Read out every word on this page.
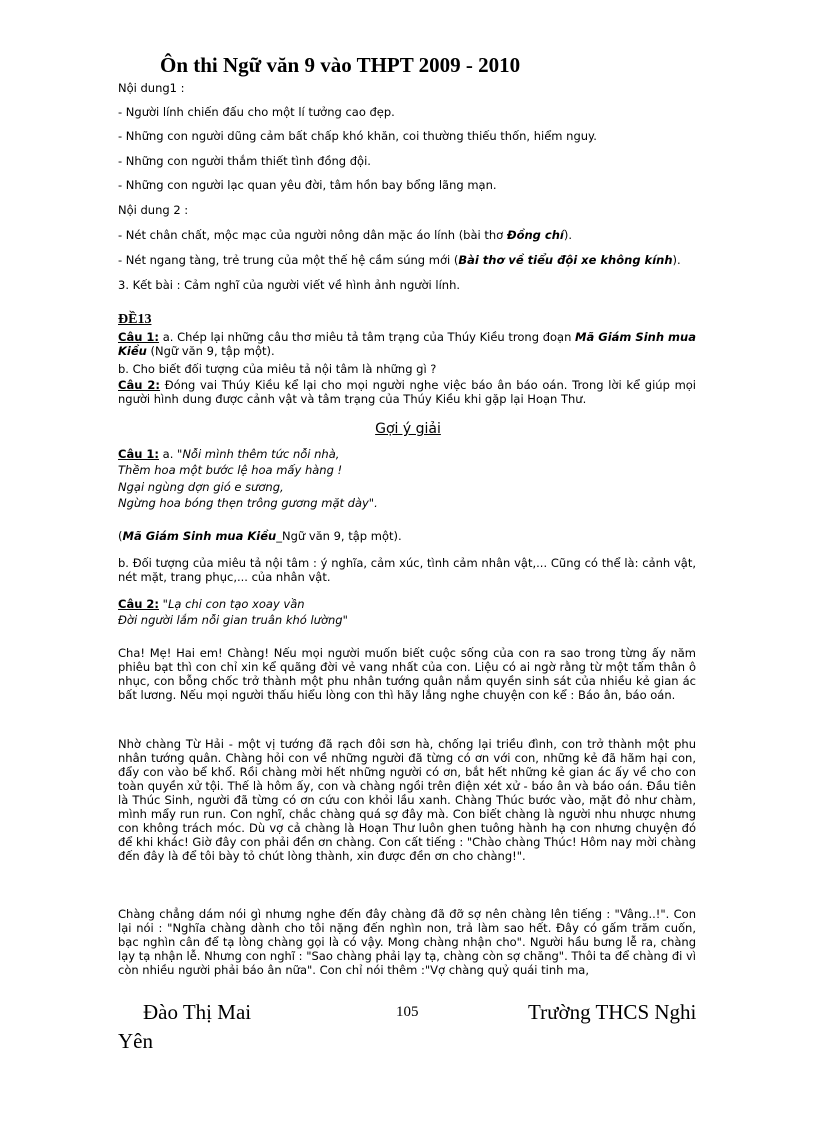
Ôn thi Ngữ văn 9 vào THPT 2009 - 2010
Nội dung1 :
- Người lính chiến đấu cho một lí tưởng cao đẹp.
- Những con người dũng cảm bất chấp khó khăn, coi thường thiếu thốn, hiểm nguy.
- Những con người thắm thiết tình đồng đội.
- Những con người lạc quan yêu đời, tâm hồn bay bổng lãng mạn.
Nội dung 2 :
- Nét chân chất, mộc mạc của người nông dân mặc áo lính (bài thơ Đồng chí).
- Nét ngang tàng, trẻ trung của một thế hệ cầm súng mới (Bài thơ về tiểu đội xe không kính).
3. Kết bài : Cảm nghĩ của người viết về hình ảnh người lính.
ĐỀ13
Câu 1: a. Chép lại những câu thơ miêu tả tâm trạng của Thúy Kiều trong đoạn Mã Giám Sinh mua Kiều (Ngữ văn 9, tập một).
b. Cho biết đối tượng của miêu tả nội tâm là những gì ?
Câu 2: Đóng vai Thúy Kiều kể lại cho mọi người nghe việc báo ân báo oán. Trong lời kể giúp mọi người hình dung được cảnh vật và tâm trạng của Thúy Kiều khi gặp lại Hoạn Thư.
Gợi ý giải
Câu 1: a. "Nỗi mình thêm tức nỗi nhà,
Thềm hoa một bước lệ hoa mấy hàng !
Ngại ngùng dợn gió e sương,
Ngừng hoa bóng thẹn trông gương mặt dày".
(Mã Giám Sinh mua Kiều_Ngữ văn 9, tập một).
b. Đối tượng của miêu tả nội tâm : ý nghĩa, cảm xúc, tình cảm nhân vật,... Cũng có thể là: cảnh vật, nét mặt, trang phục,... của nhân vật.
Câu 2: "Lạ chi con tạo xoay vần
Đời người lắm nỗi gian truân khó lường"
Cha! Mẹ! Hai em! Chàng! Nếu mọi người muốn biết cuộc sống của con ra sao trong từng ấy năm phiêu bạt thì con chỉ xin kể quãng đời vẻ vang nhất của con. Liệu có ai ngờ rằng từ một tấm thân ô nhục, con bỗng chốc trở thành một phu nhân tướng quân nắm quyền sinh sát của nhiều kẻ gian ác bất lương. Nếu mọi người thấu hiểu lòng con thì hãy lắng nghe chuyện con kể : Báo ân, báo oán.
Nhờ chàng Từ Hải - một vị tướng đã rạch đôi sơn hà, chống lại triều đình, con trở thành một phu nhân tướng quân. Chàng hỏi con về những người đã từng có ơn với con, những kẻ đã hãm hại con, đẩy con vào bể khổ. Rồi chàng mời hết những người có ơn, bắt hết những kẻ gian ác ấy về cho con toàn quyền xử tội. Thế là hôm ấy, con và chàng ngồi trên điện xét xử - báo ân và báo oán. Đầu tiên là Thúc Sinh, người đã từng có ơn cứu con khỏi lầu xanh. Chàng Thúc bước vào, mặt đỏ như chàm, mình mẩy run run. Con nghĩ, chắc chàng quá sợ đây mà. Con biết chàng là người nhu nhược nhưng con không trách móc. Dù vợ cả chàng là Hoạn Thư luôn ghen tuông hành hạ con nhưng chuyện đó để khi khác! Giờ đây con phải đền ơn chàng. Con cất tiếng : "Chào chàng Thúc! Hôm nay mời chàng đến đây là để tôi bày tỏ chút lòng thành, xin được đền ơn cho chàng!".
Chàng chẳng dám nói gì nhưng nghe đến đây chàng đã đỡ sợ nên chàng lên tiếng : "Vâng..!". Con lại nói : "Nghĩa chàng dành cho tôi nặng đến nghìn non, trả làm sao hết. Đây có gấm trăm cuốn, bạc nghìn cân để tạ lòng chàng gọi là có vậy. Mong chàng nhận cho". Người hầu bưng lễ ra, chàng lạy tạ nhận lễ. Nhưng con nghĩ : "Sao chàng phải lạy tạ, chàng còn sợ chăng". Thôi ta để chàng đi vì còn nhiều người phải báo ân nữa". Con chỉ nói thêm :"Vợ chàng quỷ quái tinh ma,
Đào Thị Mai
Yên
105	Trường THCS Nghi
